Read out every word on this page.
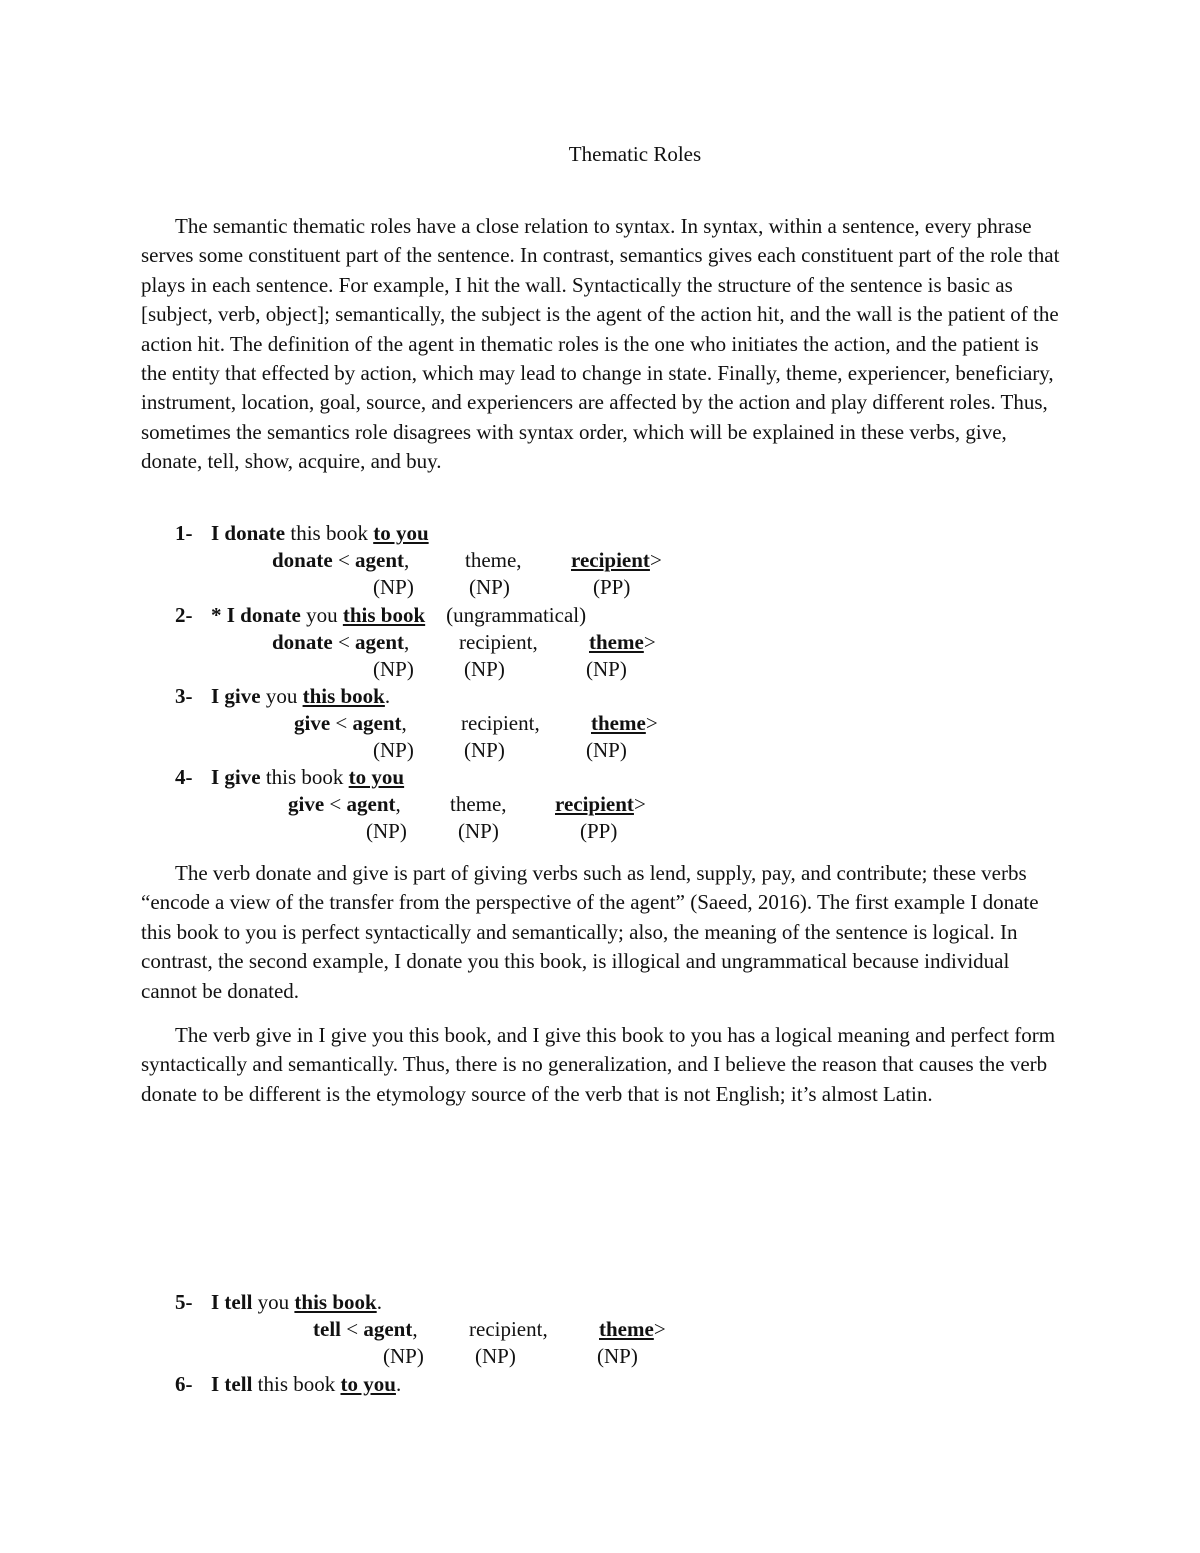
Thematic Roles
The semantic thematic roles have a close relation to syntax. In syntax, within a sentence, every phrase serves some constituent part of the sentence. In contrast, semantics gives each constituent part of the role that plays in each sentence. For example, I hit the wall. Syntactically the structure of the sentence is basic as [subject, verb, object]; semantically, the subject is the agent of the action hit, and the wall is the patient of the action hit. The definition of the agent in thematic roles is the one who initiates the action, and the patient is the entity that effected by action, which may lead to change in state. Finally, theme, experiencer, beneficiary, instrument, location, goal, source, and experiencers are affected by the action and play different roles. Thus, sometimes the semantics role disagrees with syntax order, which will be explained in these verbs, give, donate, tell, show, acquire, and buy.
1- I donate this book to you
donate < agent,	theme, recipient>
(NP)	(NP)	(PP)
2- * I donate you this book    (ungrammatical)
donate < agent, recipient, theme>
(NP) (NP)	(NP)
3- I give you this book.
give < agent,	recipient, theme>
(NP) (NP)	(NP)
4- I give this book to you
give < agent, theme, recipient>
(NP) (NP)	(PP)
The verb donate and give is part of giving verbs such as lend, supply, pay, and contribute; these verbs “encode a view of the transfer from the perspective of the agent” (Saeed, 2016). The first example I donate this book to you is perfect syntactically and semantically; also, the meaning of the sentence is logical. In contrast, the second example, I donate you this book, is illogical and ungrammatical because individual cannot be donated.
The verb give in I give you this book, and I give this book to you has a logical meaning and perfect form syntactically and semantically. Thus, there is no generalization, and I believe the reason that causes the verb donate to be different is the etymology source of the verb that is not English; it’s almost Latin.
5- I tell you this book.
tell < agent, recipient, theme>
(NP) (NP)	(NP)
6- I tell this book to you.
